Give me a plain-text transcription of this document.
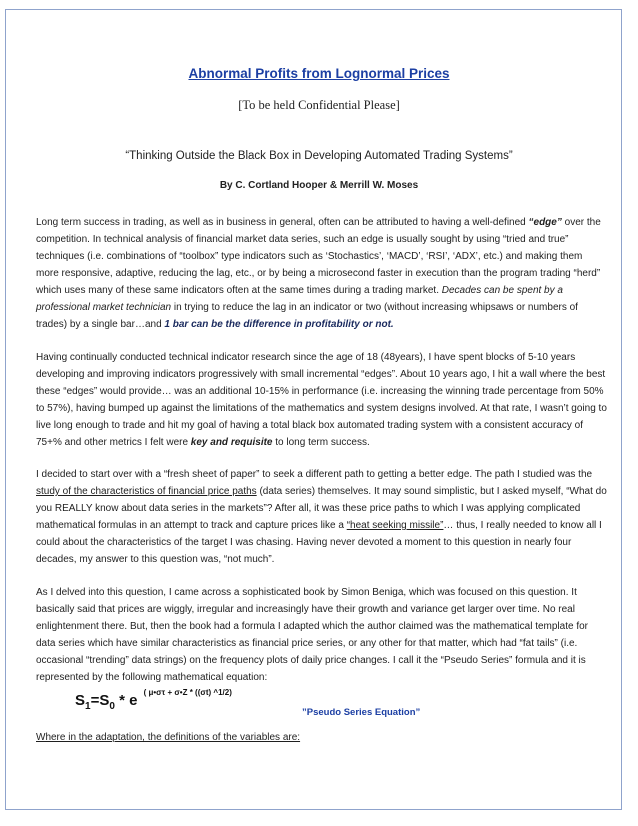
Abnormal Profits from Lognormal Prices
[To be held Confidential Please]
“Thinking Outside the Black Box in Developing Automated Trading Systems”
By C. Cortland Hooper & Merrill W. Moses

Long term success in trading, as well as in business in general, often can be attributed to having a well-defined “edge” over the competition. In technical analysis of financial market data series, such an edge is usually sought by using “tried and true” techniques (i.e. combinations of “toolbox” type indicators such as ‘Stochastics’, ‘MACD’, ‘RSI’, ‘ADX’, etc.) and making them more responsive, adaptive, reducing the lag, etc., or by being a microsecond faster in execution than the program trading “herd” which uses many of these same indicators often at the same times during a trading market. Decades can be spent by a professional market technician in trying to reduce the lag in an indicator or two (without increasing whipsaws or numbers of trades) by a single bar…and 1 bar can be the difference in profitability or not.

Having continually conducted technical indicator research since the age of 18 (48years), I have spent blocks of 5-10 years developing and improving indicators progressively with small incremental “edges”. About 10 years ago, I hit a wall where the best these “edges” would provide… was an additional 10-15% in performance (i.e. increasing the winning trade percentage from 50% to 57%), having bumped up against the limitations of the mathematics and system designs involved. At that rate, I wasn’t going to live long enough to trade and hit my goal of having a total black box automated trading system with a consistent accuracy of 75+% and other metrics I felt were key and requisite to long term success.

I decided to start over with a “fresh sheet of paper” to seek a different path to getting a better edge. The path I studied was the study of the characteristics of financial price paths (data series) themselves. It may sound simplistic, but I asked myself, “What do you REALLY know about data series in the markets”? After all, it was these price paths to which I was applying complicated mathematical formulas in an attempt to track and capture prices like a “heat seeking missile”… thus, I really needed to know all I could about the characteristics of the target I was chasing. Having never devoted a moment to this question in nearly four decades, my answer to this question was, “not much”.

As I delved into this question, I came across a sophisticated book by Simon Beniga, which was focused on this question. It basically said that prices are wiggly, irregular and increasingly have their growth and variance get larger over time. No real enlightenment there. But, then the book had a formula I adapted which the author claimed was the mathematical template for data series which have similar characteristics as financial price series, or any other for that matter, which had “fat tails” (i.e. occasional “trending” data strings) on the frequency plots of daily price changes. I call it the “Pseudo Series” formula and it is represented by the following mathematical equation:

$S_1=S_0 * e$ $^{( \mu•\sigma\tau + \sigma•Z * ((\sigma t) \^{}1/2)}$
”Pseudo Series Equation”
Where in the adaptation, the definitions of the variables are:
